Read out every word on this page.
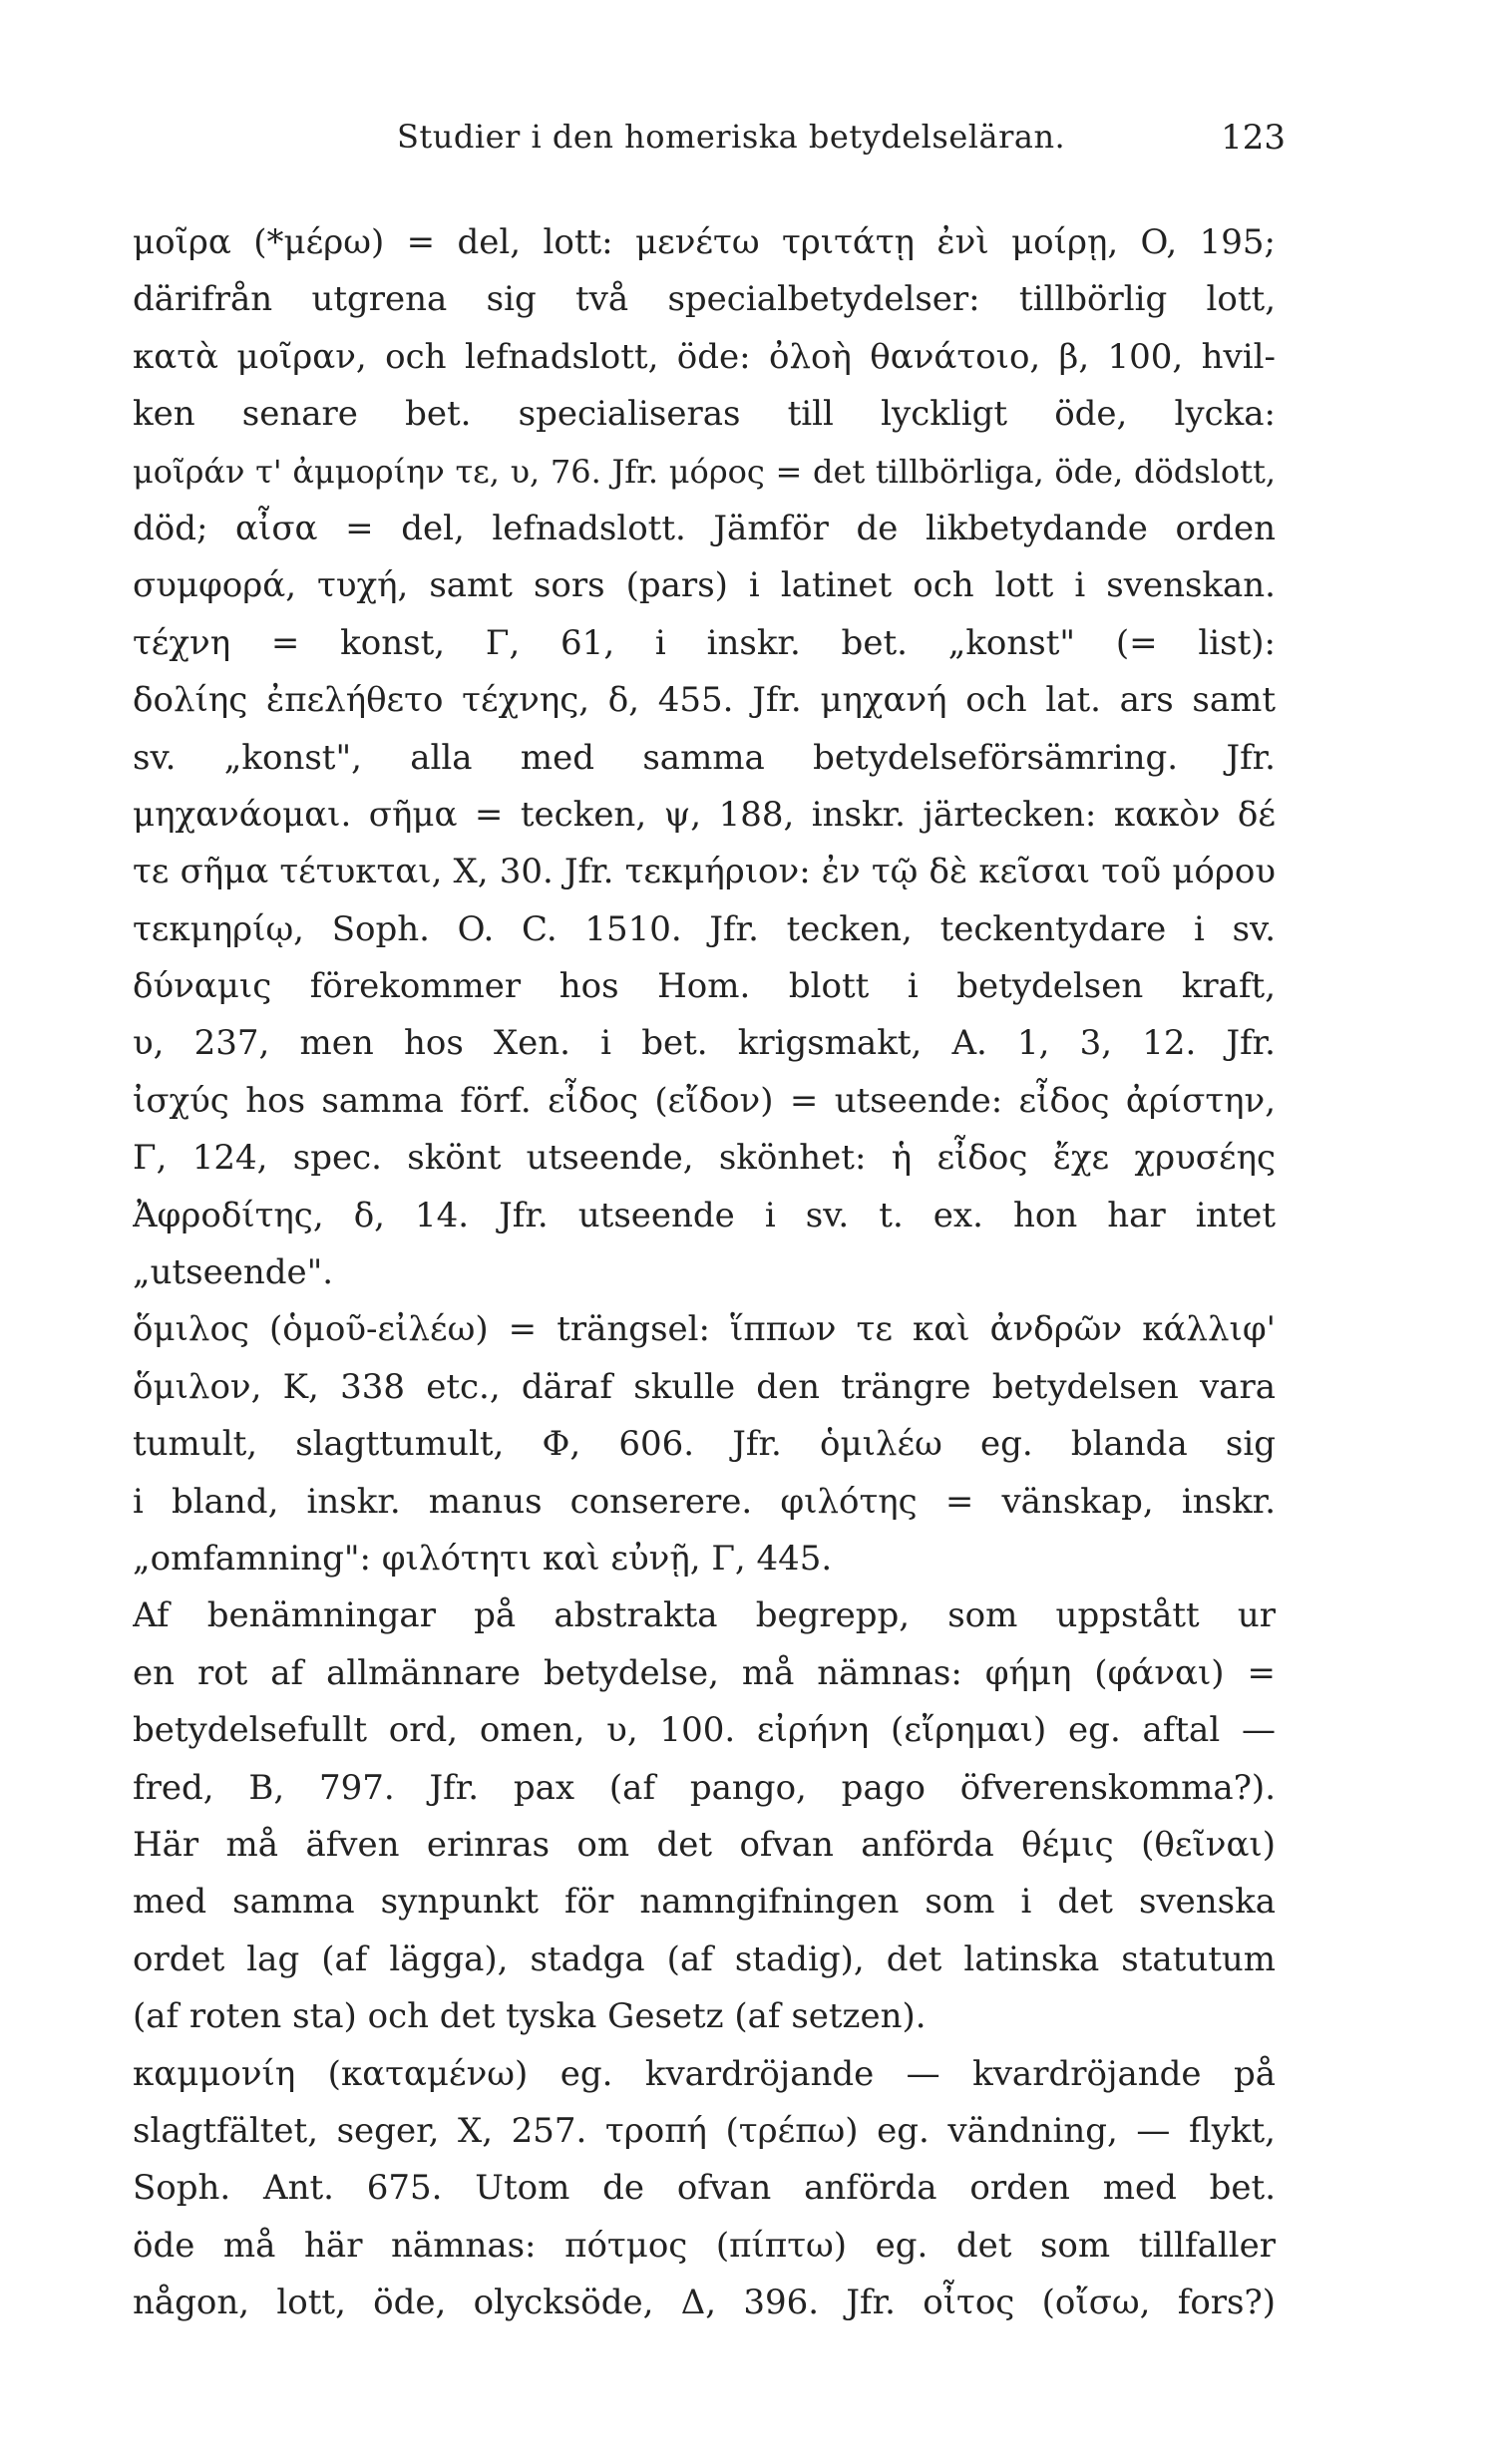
Studier i den homeriska betydelseläran.	123
μοῖρα (*μέρω) = del, lott: μενέτω τριτάτῃ ἐνὶ μοίρῃ, O, 195;
därifrån utgrena sig två specialbetydelser: tillbörlig lott,
κατὰ μοῖραν, och lefnadslott, öde: ὀλοὴ θανάτοιο, β, 100, hvil-
ken senare bet. specialiseras till lyckligt öde, lycka:
μοῖράν τ' ἀμμορίην τε, υ, 76. Jfr. μόρος = det tillbörliga, öde, dödslott,
död; αἶσα = del, lefnadslott. Jämför de likbetydande orden
συμφορά, τυχή, samt sors (pars) i latinet och lott i svenskan.
τέχνη = konst, Γ, 61, i inskr. bet. „konst" (= list):
δολίης ἐπελήθετο τέχνης, δ, 455. Jfr. μηχανή och lat. ars samt
sv. „konst", alla med samma betydelseförsämring. Jfr.
μηχανάομαι. σῆμα = tecken, ψ, 188, inskr. järtecken: κακὸν δέ
τε σῆμα τέτυκται, X, 30. Jfr. τεκμήριον: ἐν τῷ δὲ κεῖσαι τοῦ μόρου
τεκμηρίῳ, Soph. O. C. 1510. Jfr. tecken, teckentydare i sv.
δύναμις förekommer hos Hom. blott i betydelsen kraft,
υ, 237, men hos Xen. i bet. krigsmakt, A. 1, 3, 12. Jfr.
ἰσχύς hos samma förf. εἶδος (εἴδον) = utseende: εἶδος ἀρίστην,
Γ, 124, spec. skönt utseende, skönhet: ἡ εἶδος ἔχε χρυσέης
Ἀφροδίτης, δ, 14. Jfr. utseende i sv. t. ex. hon har intet
„utseende".
ὅμιλος (ὁμοῦ-εἰλέω) = trängsel: ἵππων τε καὶ ἀνδρῶν κάλλιφ'
ὅμιλον, K, 338 etc., däraf skulle den trängre betydelsen vara
tumult, slagttumult, Φ, 606. Jfr. ὁμιλέω eg. blanda sig
i bland, inskr. manus conserere. φιλότης = vänskap, inskr.
„omfamning": φιλότητι καὶ εὐνῇ, Γ, 445.
Af benämningar på abstrakta begrepp, som uppstått ur
en rot af allmännare betydelse, må nämnas: φήμη (φάναι) =
betydelsefullt ord, omen, υ, 100. εἰρήνη (εἴρημαι) eg. aftal —
fred, B, 797. Jfr. pax (af pango, pago öfverenskomma?).
Här må äfven erinras om det ofvan anförda θέμις (θεῖναι)
med samma synpunkt för namngifningen som i det svenska
ordet lag (af lägga), stadga (af stadig), det latinska statutum
(af roten sta) och det tyska Gesetz (af setzen).
καμμονίη (καταμένω) eg. kvardröjande — kvardröjande på
slagtfältet, seger, X, 257. τροπή (τρέπω) eg. vändning, — flykt,
Soph. Ant. 675. Utom de ofvan anförda orden med bet.
öde må här nämnas: πότμος (πίπτω) eg. det som tillfaller
någon, lott, öde, olycksöde, Δ, 396. Jfr. οἶτος (οἴσω, fors?)
